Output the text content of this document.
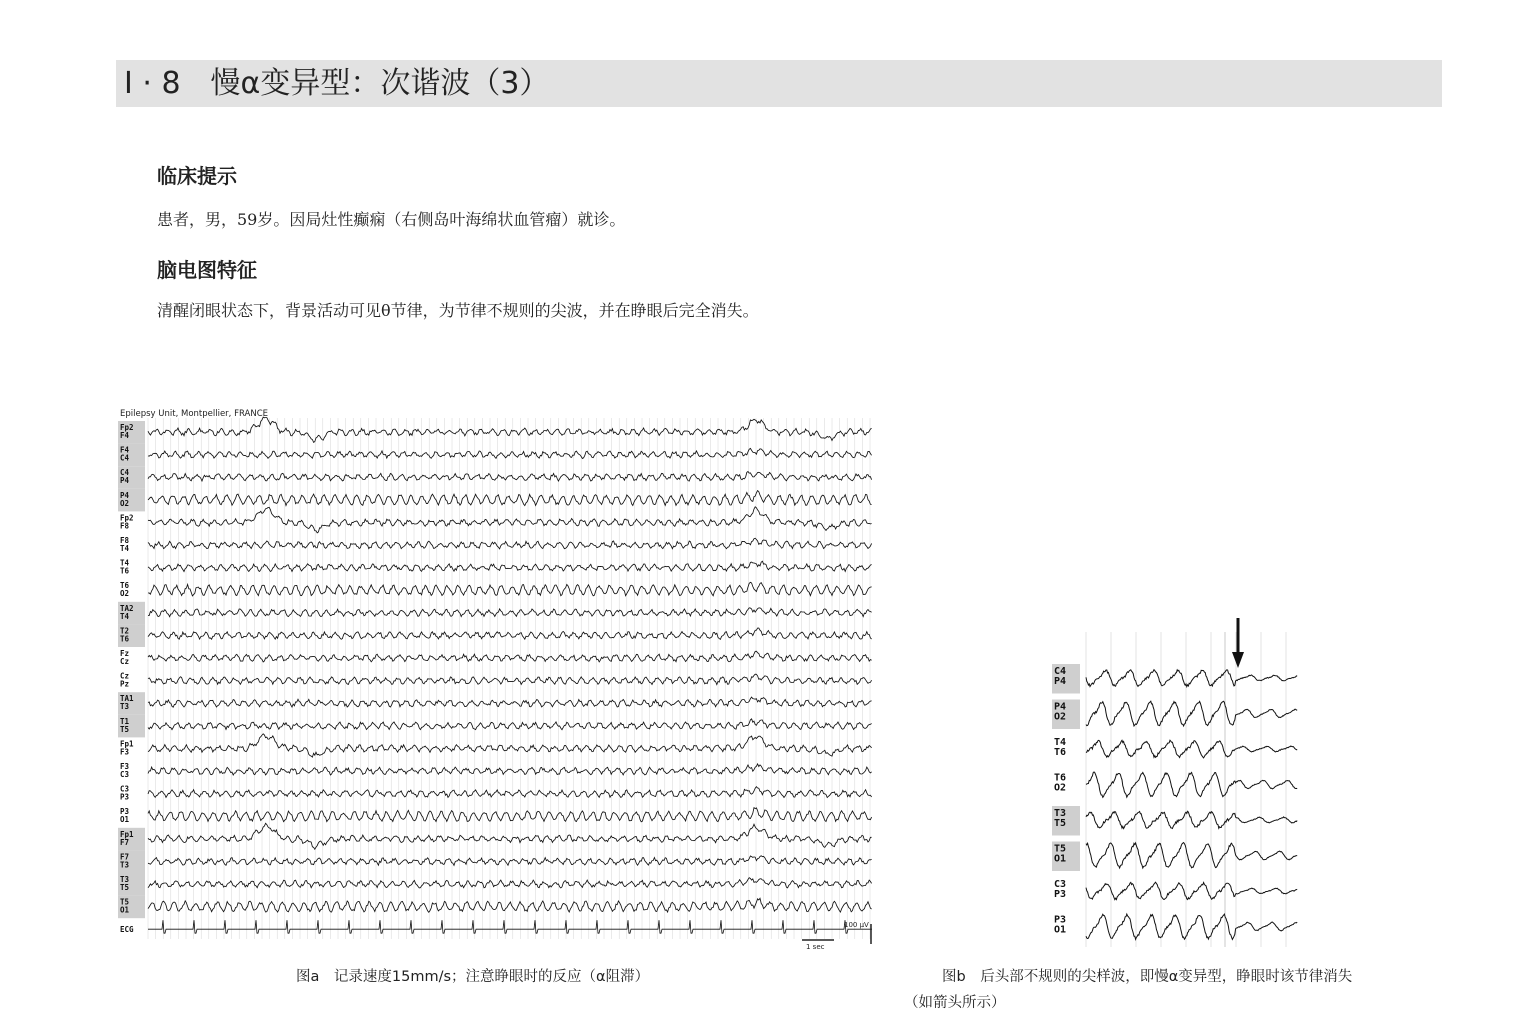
Ⅰ · 8　慢α变异型：次谐波（3）
临床提示
患者，男，59岁。因局灶性癫痫（右侧岛叶海绵状血管瘤）就诊。
脑电图特征
清醒闭眼状态下，背景活动可见θ节律，为节律不规则的尖波，并在睁眼后完全消失。
Epilepsy Unit, Montpellier, FRANCE
Fp2
F4
F4
C4
C4
P4
P4
O2
Fp2
F8
F8
T4
T4
T6
T6
O2
TA2
T4
T2
T6
Fz
Cz
Cz
Pz
TA1
T3
T1
T5
Fp1
F3
F3
C3
C3
P3
P3
O1
Fp1
F7
F7
T3
T3
T5
T5
O1
ECG
1 sec
100 µV
C4
P4
P4
O2
T4
T6
T6
O2
T3
T5
T5
O1
C3
P3
P3
O1
图a　记录速度15mm/s；注意睁眼时的反应（α阻滞）	图b　后头部不规则的尖样波，即慢α变异型，睁眼时该节律消失
（如箭头所示）
